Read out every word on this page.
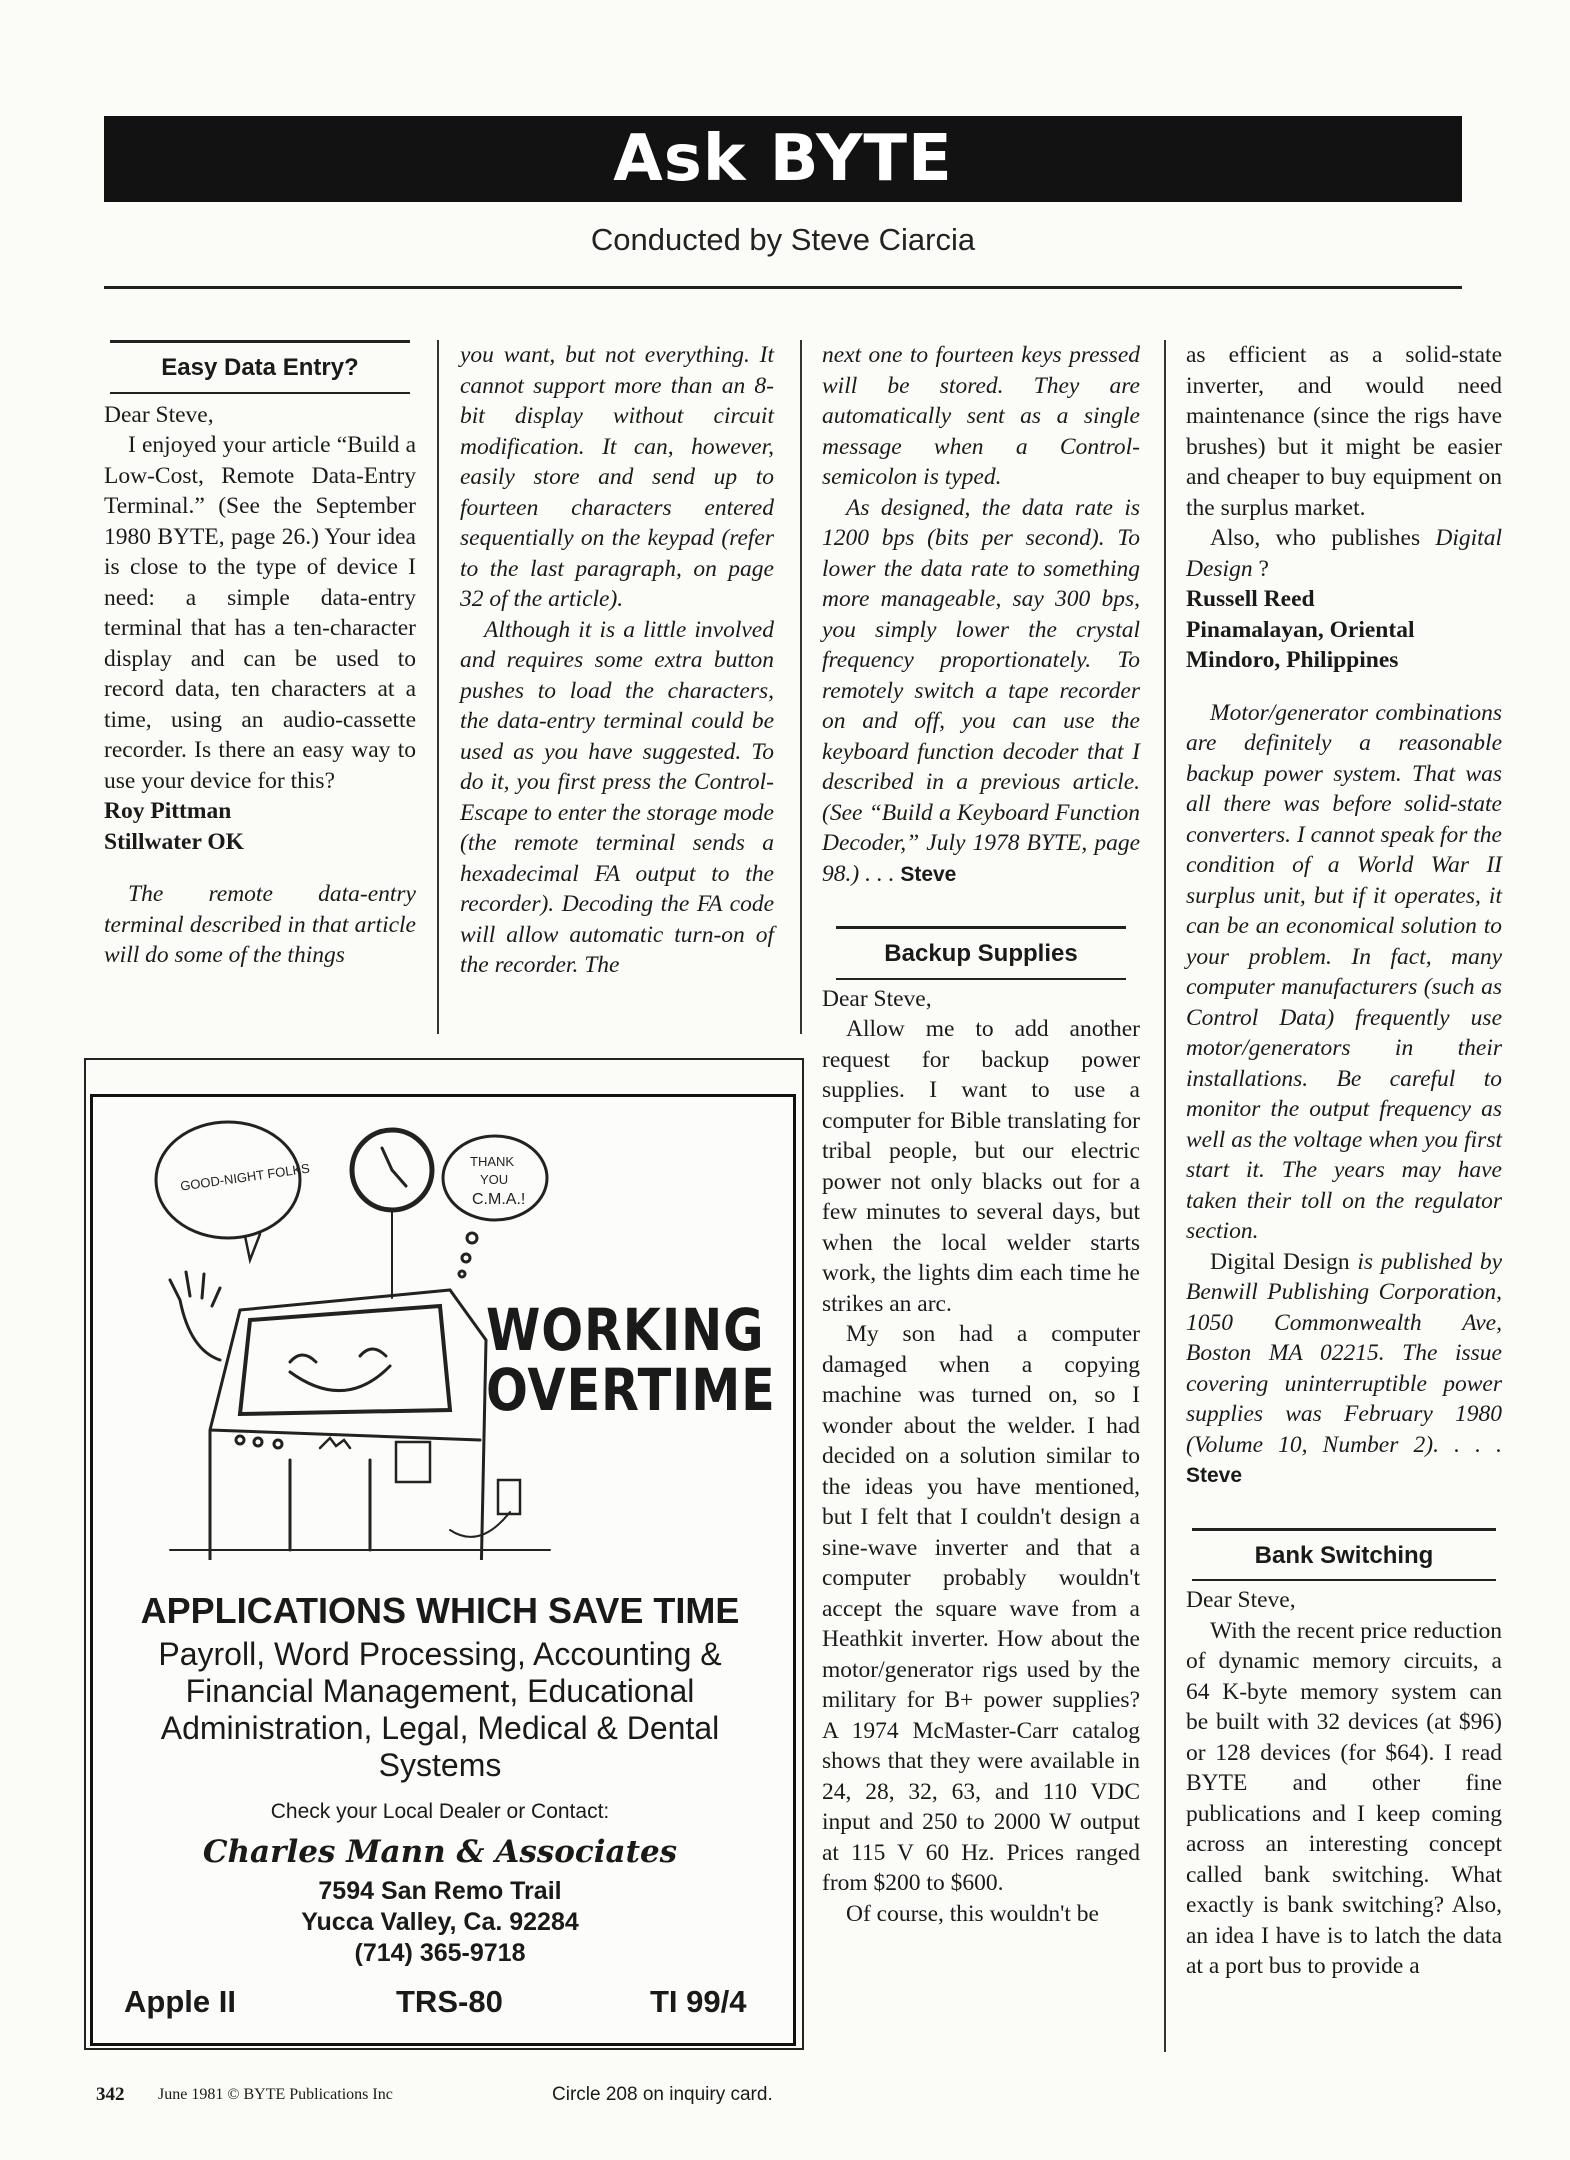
Ask BYTE
Conducted by Steve Ciarcia
Easy Data Entry?

Dear Steve,

I enjoyed your article “Build a Low-Cost, Remote Data-Entry Terminal.” (See the September 1980 BYTE, page 26.) Your idea is close to the type of device I need: a simple data-entry terminal that has a ten-character display and can be used to record data, ten characters at a time, using an audio-cassette recorder. Is there an easy way to use your device for this?

Roy Pittman

Stillwater OK

The remote data-entry terminal described in that article will do some of the things

you want, but not everything. It cannot support more than an 8-bit display without circuit modification. It can, however, easily store and send up to fourteen characters entered sequentially on the keypad (refer to the last paragraph, on page 32 of the article).

Although it is a little involved and requires some extra button pushes to load the characters, the data-entry terminal could be used as you have suggested. To do it, you first press the Control-Escape to enter the storage mode (the remote terminal sends a hexadecimal FA output to the recorder). Decoding the FA code will allow automatic turn-on of the recorder. The

next one to fourteen keys pressed will be stored. They are automatically sent as a single message when a Control-semicolon is typed.

As designed, the data rate is 1200 bps (bits per second). To lower the data rate to something more manageable, say 300 bps, you simply lower the crystal frequency proportionately. To remotely switch a tape recorder on and off, you can use the keyboard function decoder that I described in a previous article. (See “Build a Keyboard Function Decoder,” July 1978 BYTE, page 98.) . . . Steve

Backup Supplies

Dear Steve,

Allow me to add another request for backup power supplies. I want to use a computer for Bible translating for tribal people, but our electric power not only blacks out for a few minutes to several days, but when the local welder starts work, the lights dim each time he strikes an arc.

My son had a computer damaged when a copying machine was turned on, so I wonder about the welder. I had decided on a solution similar to the ideas you have mentioned, but I felt that I couldn't design a sine-wave inverter and that a computer probably wouldn't accept the square wave from a Heathkit inverter. How about the motor/generator rigs used by the military for B+ power supplies? A 1974 McMaster-Carr catalog shows that they were available in 24, 28, 32, 63, and 110 VDC input and 250 to 2000 W output at 115 V 60 Hz. Prices ranged from $200 to $600.

Of course, this wouldn't be

as efficient as a solid-state inverter, and would need maintenance (since the rigs have brushes) but it might be easier and cheaper to buy equipment on the surplus market.

Also, who publishes Digital Design ?

Russell Reed

Pinamalayan, Oriental

Mindoro, Philippines

Motor/generator combinations are definitely a reasonable backup power system. That was all there was before solid-state converters. I cannot speak for the condition of a World War II surplus unit, but if it operates, it can be an economical solution to your problem. In fact, many computer manufacturers (such as Control Data) frequently use motor/generators in their installations. Be careful to monitor the output frequency as well as the voltage when you first start it. The years may have taken their toll on the regulator section.

Digital Design is published by Benwill Publishing Corporation, 1050 Commonwealth Ave, Boston MA 02215. The issue covering uninterruptible power supplies was February 1980 (Volume 10, Number 2). . . . Steve

Bank Switching

Dear Steve,

With the recent price reduction of dynamic memory circuits, a 64 K-byte memory system can be built with 32 devices (at $96) or 128 devices (for $64). I read BYTE and other fine publications and I keep coming across an interesting concept called bank switching. What exactly is bank switching? Also, an idea I have is to latch the data at a port bus to provide a

GOOD-NIGHT FOLKS	THANK
YOU
C.M.A.!
WORKING
OVERTIME
APPLICATIONS WHICH SAVE TIME
Payroll, Word Processing, Accounting & Financial Management, Educational Administration, Legal, Medical & Dental Systems
Check your Local Dealer or Contact:
Charles Mann & Associates
7594 San Remo Trail
Yucca Valley, Ca. 92284
(714) 365-9718
Apple II	TRS-80	TI 99/4
342 June 1981 © BYTE Publications Inc	Circle 208 on inquiry card.
